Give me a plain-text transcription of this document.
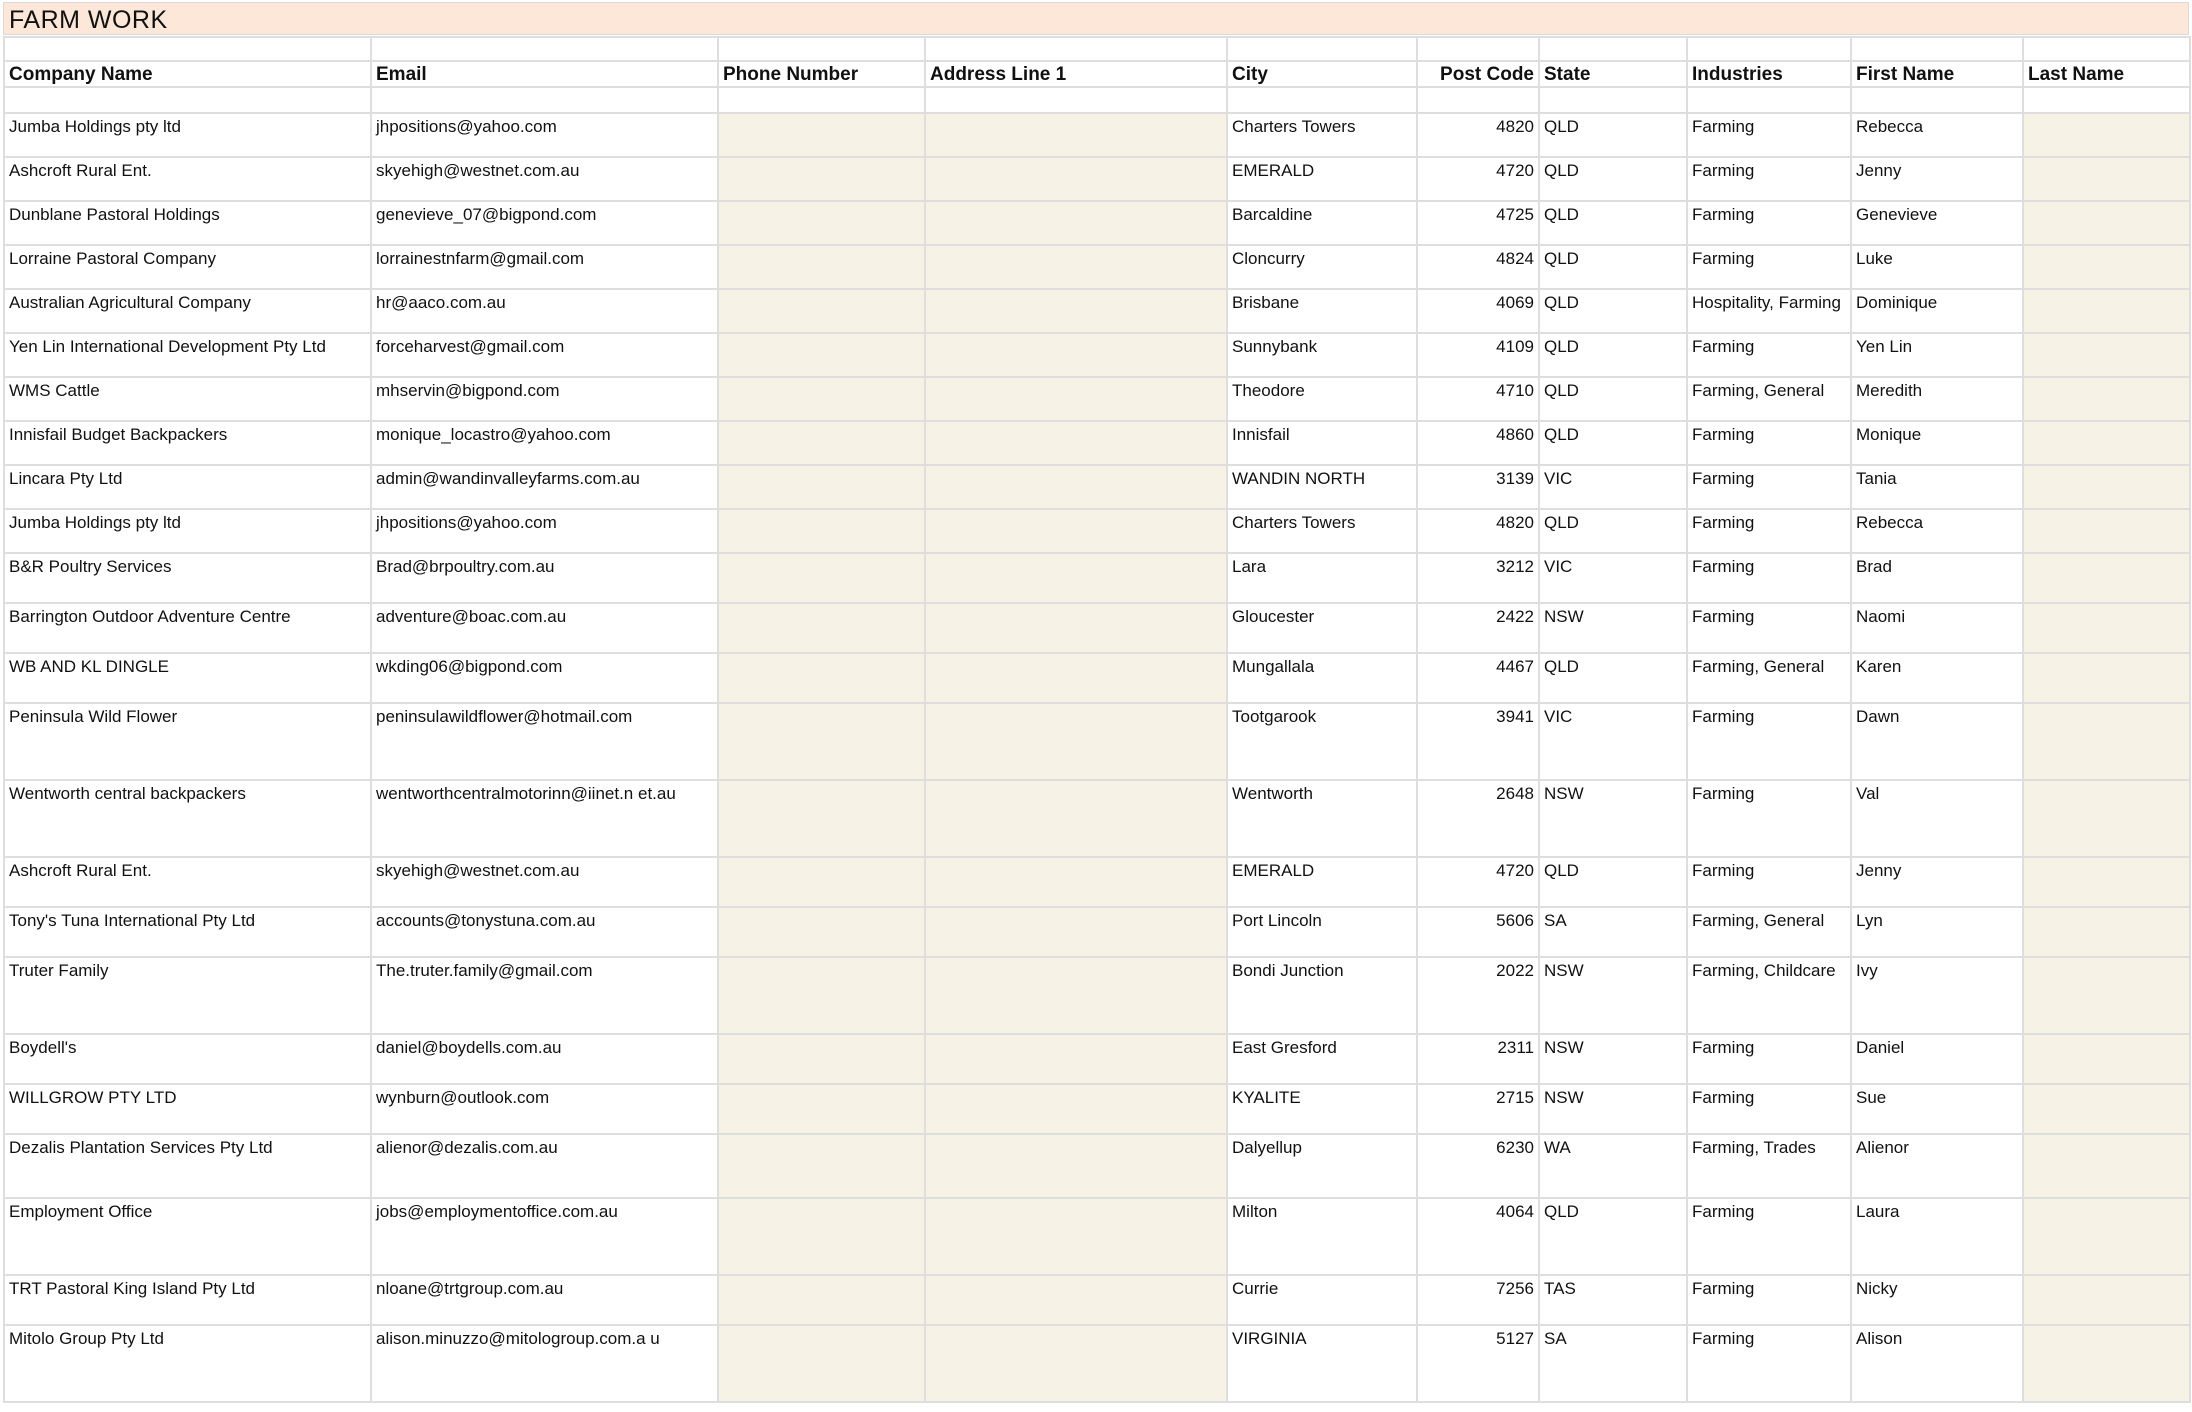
FARM WORK

Company Name	Email	Phone Number	Address Line 1	City	Post Code	State	Industries	First Name	Last Name

Jumba Holdings pty ltd	jhpositions@yahoo.com			Charters Towers	4820	QLD	Farming	Rebecca	
Ashcroft Rural Ent.	skyehigh@westnet.com.au			EMERALD	4720	QLD	Farming	Jenny	
Dunblane Pastoral Holdings	genevieve_07@bigpond.com			Barcaldine	4725	QLD	Farming	Genevieve	
Lorraine Pastoral Company	lorrainestnfarm@gmail.com			Cloncurry	4824	QLD	Farming	Luke	
Australian Agricultural Company	hr@aaco.com.au			Brisbane	4069	QLD	Hospitality, Farming	Dominique	
Yen Lin International Development Pty Ltd	forceharvest@gmail.com			Sunnybank	4109	QLD	Farming	Yen Lin	
WMS Cattle	mhservin@bigpond.com			Theodore	4710	QLD	Farming, General	Meredith	
Innisfail Budget Backpackers	monique_locastro@yahoo.com			Innisfail	4860	QLD	Farming	Monique	
Lincara Pty Ltd	admin@wandinvalleyfarms.com.au			WANDIN NORTH	3139	VIC	Farming	Tania	
Jumba Holdings pty ltd	jhpositions@yahoo.com			Charters Towers	4820	QLD	Farming	Rebecca	
B&R Poultry Services	Brad@brpoultry.com.au			Lara	3212	VIC	Farming	Brad	
Barrington Outdoor Adventure Centre	adventure@boac.com.au			Gloucester	2422	NSW	Farming	Naomi	
WB AND KL DINGLE	wkding06@bigpond.com			Mungallala	4467	QLD	Farming, General	Karen	
Peninsula Wild Flower	peninsulawildflower@hotmail.com			Tootgarook	3941	VIC	Farming	Dawn	
Wentworth central backpackers	wentworthcentralmotorinn@iinet.n et.au			Wentworth	2648	NSW	Farming	Val	
Ashcroft Rural Ent.	skyehigh@westnet.com.au			EMERALD	4720	QLD	Farming	Jenny	
Tony's Tuna International Pty Ltd	accounts@tonystuna.com.au			Port Lincoln	5606	SA	Farming, General	Lyn	
Truter Family	The.truter.family@gmail.com			Bondi Junction	2022	NSW	Farming, Childcare	Ivy	
Boydell's	daniel@boydells.com.au			East Gresford	2311	NSW	Farming	Daniel	
WILLGROW PTY LTD	wynburn@outlook.com			KYALITE	2715	NSW	Farming	Sue	
Dezalis Plantation Services Pty Ltd	alienor@dezalis.com.au			Dalyellup	6230	WA	Farming, Trades	Alienor	
Employment Office	jobs@employmentoffice.com.au			Milton	4064	QLD	Farming	Laura	
TRT Pastoral King Island Pty Ltd	nloane@trtgroup.com.au			Currie	7256	TAS	Farming	Nicky	
Mitolo Group Pty Ltd	alison.minuzzo@mitologroup.com.a u			VIRGINIA	5127	SA	Farming	Alison	
